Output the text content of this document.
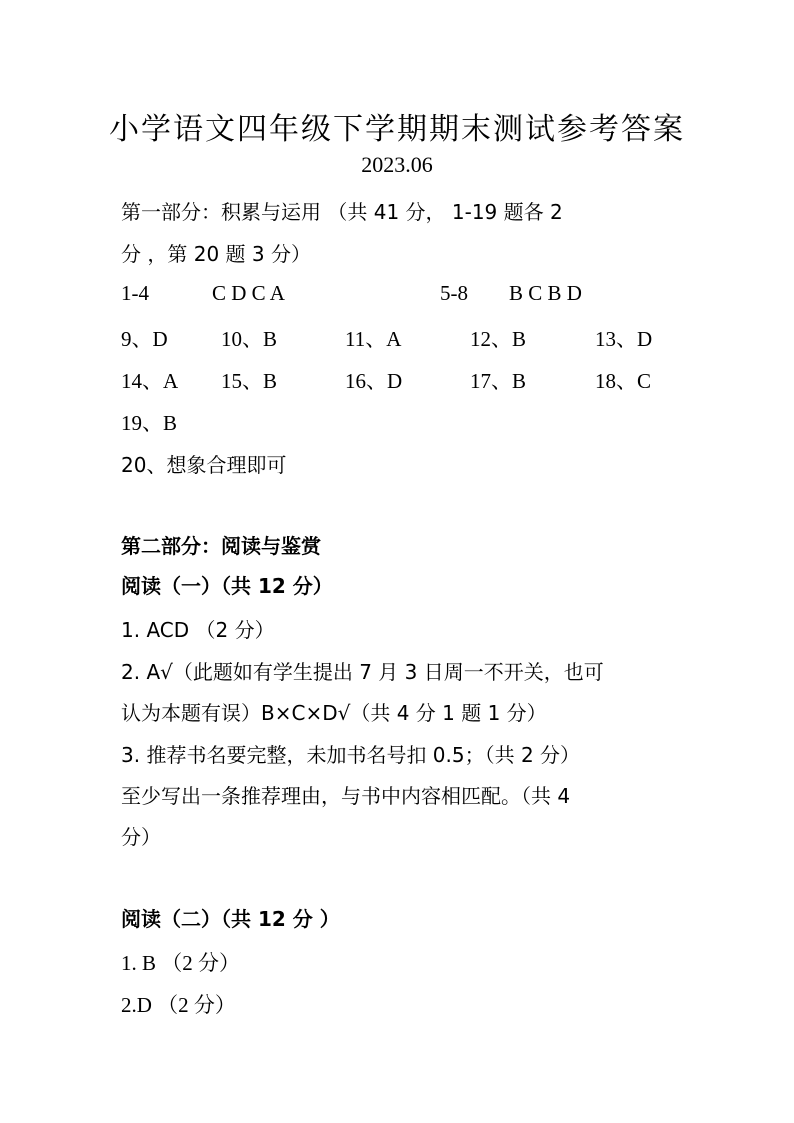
小学语文四年级下学期期末测试参考答案
2023.06
第一部分：积累与运用 （共 41 分， 1-19 题各 2
分 ，第 20 题 3 分）
1-4	C D C A	5-8 B C B D
9、D	10、B	11、A	12、B	13、D
14、A 15、B	16、D	17、B	18、C
19、B
20、想象合理即可
第二部分：阅读与鉴赏
阅读（一）（共 12 分）
1. ACD （2 分）
2. A√（此题如有学生提出 7 月 3 日周一不开关，也可
认为本题有误）B×C×D√（共 4 分 1 题 1 分）
3. 推荐书名要完整，未加书名号扣 0.5；（共 2 分）
至少写出一条推荐理由，与书中内容相匹配。（共 4
分）
阅读（二）（共 12 分 ）
1. B （2 分）
2.D （2 分）
